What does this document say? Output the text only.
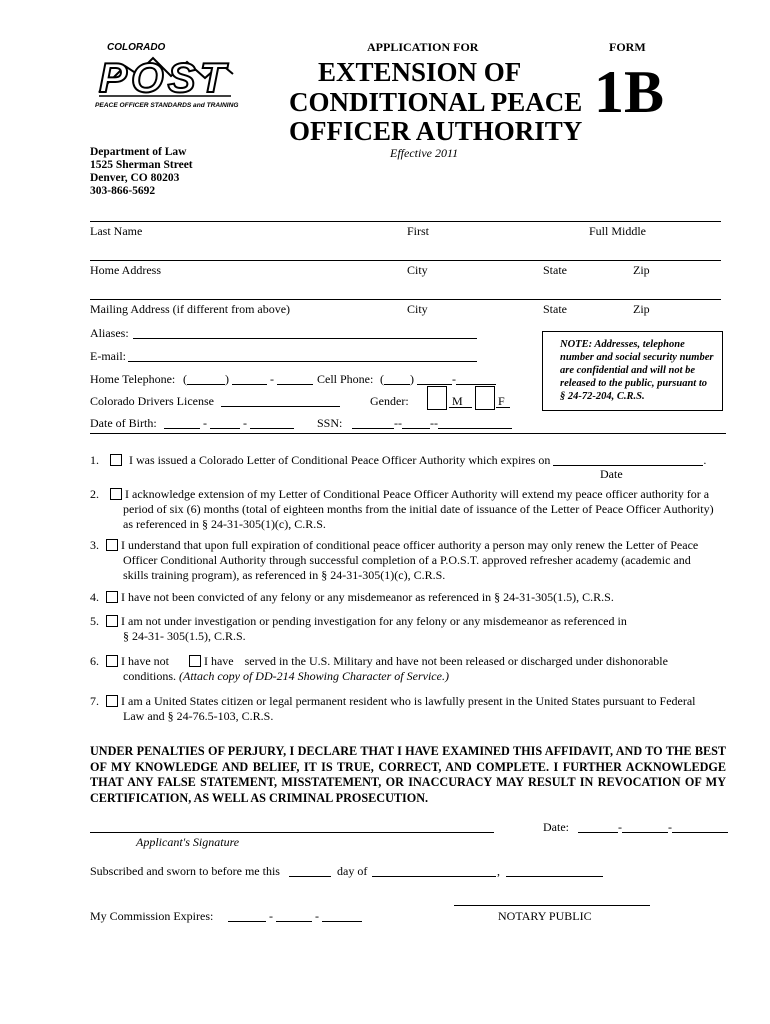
COLORADO
POST
PEACE OFFICER STANDARDS and TRAINING
APPLICATION FOR	FORM
EXTENSION OF
CONDITIONAL PEACE
OFFICER AUTHORITY
1B
Effective 2011
Department of Law
1525 Sherman Street
Denver, CO 80203
303-866-5692
Last Name	First	Full Middle
Home Address	City	State	Zip
Mailing Address (if different from above)	City	State	Zip
Aliases:
E-mail:
Home Telephone: (	)	-	Cell Phone: ( )	-
Colorado Drivers License	Gender:	M	F
Date of Birth:	-	-	SSN:	-- --
NOTE: Addresses, telephone number and social security number are confidential and will not be released to the public, pursuant to § 24-72-204, C.R.S.
1.	I was issued a Colorado Letter of Conditional Peace Officer Authority which expires on	.
Date
2.	I acknowledge extension of my Letter of Conditional Peace Officer Authority will extend my peace officer authority for a
period of six (6) months (total of eighteen months from the initial date of issuance of the Letter of Peace Officer Authority)
as referenced in § 24-31-305(1)(c), C.R.S.
3.	I understand that upon full expiration of conditional peace officer authority a person may only renew the Letter of Peace
Officer Conditional Authority through successful completion of a P.O.S.T. approved refresher academy (academic and
skills training program), as referenced in § 24-31-305(1)(c), C.R.S.
4.	I have not been convicted of any felony or any misdemeanor as referenced in § 24-31-305(1.5), C.R.S.
5.	I am not under investigation or pending investigation for any felony or any misdemeanor as referenced in
§ 24-31- 305(1.5), C.R.S.
6.	I have not	I have served in the U.S. Military and have not been released or discharged under dishonorable
conditions. (Attach copy of DD-214 Showing Character of Service.)
7.	I am a United States citizen or legal permanent resident who is lawfully present in the United States pursuant to Federal
Law and § 24-76.5-103, C.R.S.
UNDER PENALTIES OF PERJURY, I DECLARE THAT I HAVE EXAMINED THIS AFFIDAVIT, AND TO THE BEST OF MY KNOWLEDGE AND BELIEF, IT IS TRUE, CORRECT, AND COMPLETE. I FURTHER ACKNOWLEDGE THAT ANY FALSE STATEMENT, MISSTATEMENT, OR INACCURACY MAY RESULT IN REVOCATION OF MY CERTIFICATION, AS WELL AS CRIMINAL PROSECUTION.
Applicant's Signature
Date:	-	-
Subscribed and sworn to before me this	day of	,
My Commission Expires:	-	-	NOTARY PUBLIC
